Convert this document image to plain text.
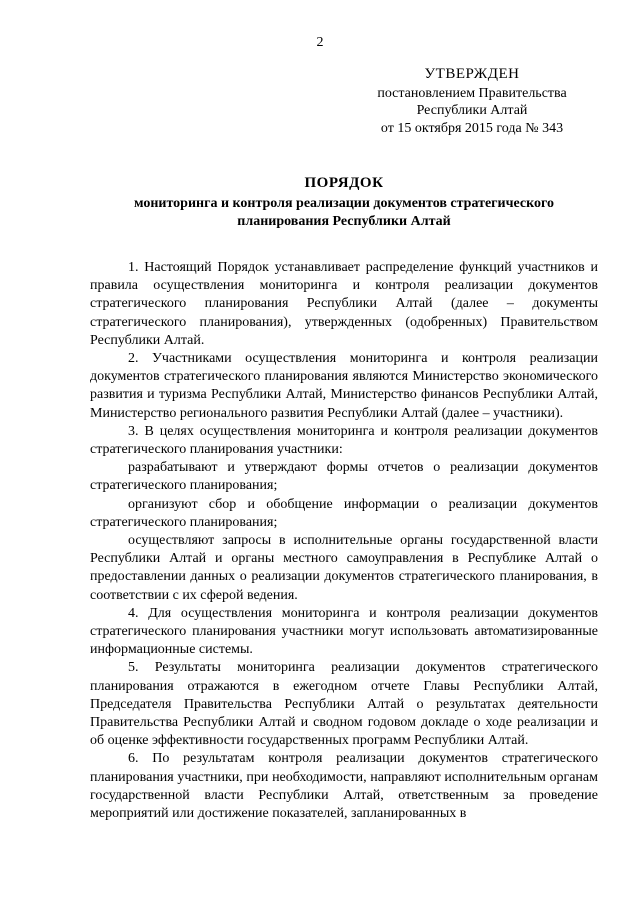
2
УТВЕРЖДЕН
постановлением Правительства
Республики Алтай
от 15 октября 2015 года № 343
ПОРЯДОК
мониторинга и контроля реализации документов стратегического планирования Республики Алтай

1. Настоящий Порядок устанавливает распределение функций участников и правила осуществления мониторинга и контроля реализации документов стратегического планирования Республики Алтай (далее – документы стратегического планирования), утвержденных (одобренных) Правительством Республики Алтай.

2. Участниками осуществления мониторинга и контроля реализации документов стратегического планирования являются Министерство экономического развития и туризма Республики Алтай, Министерство финансов Республики Алтай, Министерство регионального развития Республики Алтай (далее – участники).

3. В целях осуществления мониторинга и контроля реализации документов стратегического планирования участники:

разрабатывают и утверждают формы отчетов о реализации документов стратегического планирования;

организуют сбор и обобщение информации о реализации документов стратегического планирования;

осуществляют запросы в исполнительные органы государственной власти Республики Алтай и органы местного самоуправления в Республике Алтай о предоставлении данных о реализации документов стратегического планирования, в соответствии с их сферой ведения.

4. Для осуществления мониторинга и контроля реализации документов стратегического планирования участники могут использовать автоматизированные информационные системы.

5. Результаты мониторинга реализации документов стратегического планирования отражаются в ежегодном отчете Главы Республики Алтай, Председателя Правительства Республики Алтай о результатах деятельности Правительства Республики Алтай и сводном годовом докладе о ходе реализации и об оценке эффективности государственных программ Республики Алтай.

6. По результатам контроля реализации документов стратегического планирования участники, при необходимости, направляют исполнительным органам государственной власти Республики Алтай, ответственным за проведение мероприятий или достижение показателей, запланированных в
